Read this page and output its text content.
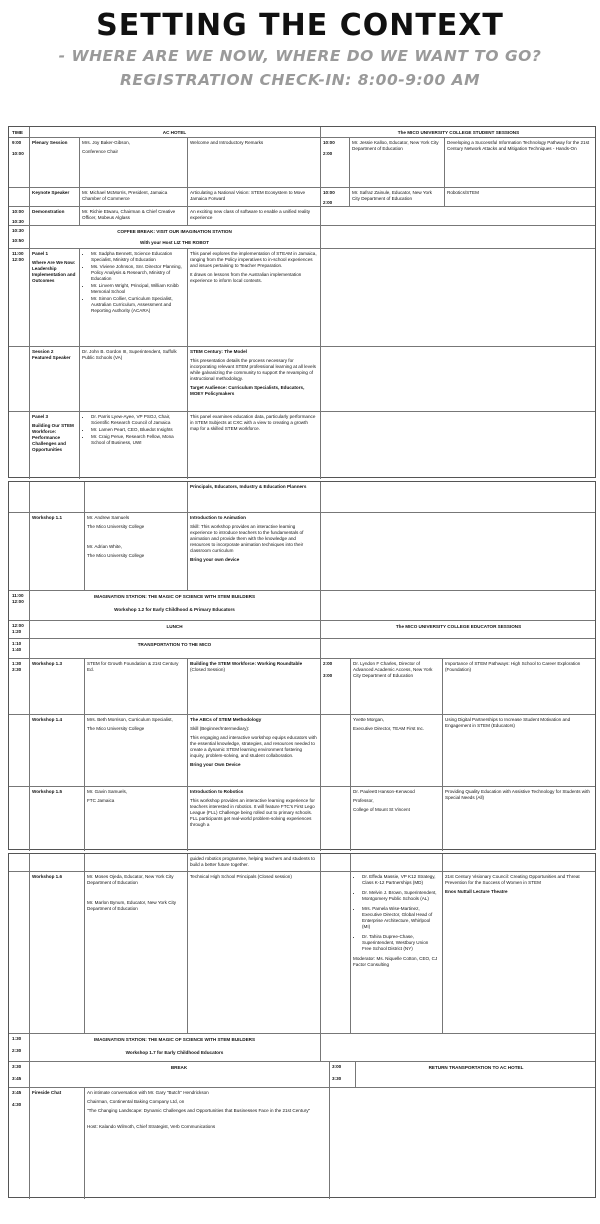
SETTING THE CONTEXT
- WHERE ARE WE NOW, WHERE DO WE WANT TO GO?
REGISTRATION CHECK-IN: 8:00-9:00 AM
TIME	AC HOTEL	The MICO UNIVERSITY COLLEGE STUDENT SESSIONS
9:00
10:00
Plenary Session	Mrs. Joy Baker-Gibson,
Conference Chair
Welcome and Introductory Remarks	10:00
2:00
Mr. Jessie Kalloo, Educator, New York City Department of Education
Developing a Successful Information Technology Pathway for the 21st Century Network Attacks and Mitigation Techniques - Hands-On
Keynote Speaker	Mr. Michael McMorris, President, Jamaica Chamber of Commerce
Articulating a National Vision: STEM Ecosystem to Move Jamaica Forward
10:00
2:00
Mr. Safraz Zainule, Educator, New York City Department of Education
Robotics/STEM
10:00
10:30
Demonstration	Mr. Richie Etwaru, Chairman & Chief Creative Officer, Mobeus Alglass
An exciting new class of software to enable a unified reality experience
10:30
10:50
COFFEE BREAK: VISIT OUR IMAGINATION STATION
With your Host LIZ THE ROBOT
11:00
12:00
Panel 1
Where Are We Now: Leadership Implementation and Outcomes
• Mr. Sadpha Bennett, Science Education Specialist, Ministry of Education
• Ms. Viviene Johnson, Snr. Director Planning, Policy Analysis & Research, Ministry of Education
• Mr. Linvern Wright, Principal, William Knibb Memorial School
• Mr. Simon Collier, Curriculum Specialist, Australian Curriculum, Assessment and Reporting Authority (ACARA)
This panel explores the implementation of STEAM in Jamaica, ranging from the Policy imperatives to in-school experiences and issues pertaining to Teacher Preparation.
It draws on lessons from the Australian implementation experience to inform local contexts.
Session 2
Featured Speaker
Dr. John B. Gordon III, Superintendent, Suffolk Public Schools (VA)
STEM Century: The Model
This presentation details the process necessary for incorporating relevant STEM professional learning at all levels while galvanizing the community to support the revamping of instructional methodology.
Target Audience: Curriculum Specialists, Educators, MOEY Policymakers
Panel 3
Building Our STEM Workforce: Performance Challenges and Opportunities
• Dr. Parris Lyew-Ayee, VP PSOJ, Chair, Scientific Research Council of Jamaica
• Mr. Lamen Peart, CEO, Bluedot Insights
• Mr. Craig Perue, Research Fellow, Mona School of Business, UWI
This panel examines education data, particularly performance in STEM Subjects at CXC with a view to creating a growth map for a skilled STEM workforce.
Principals, Educators, Industry & Education Planners
Workshop 1.1	Mr. Andrew Samuels
The Mico University College
Mr. Adrian White,
The Mico University College
Introduction to Animation
Skill: This workshop provides an interactive learning experience to introduce teachers to the fundamentals of animation and provide them with the knowledge and resources to incorporate animation techniques into their classroom curriculum
Bring your own device
11:00
12:00
IMAGINATION STATION: THE MAGIC OF SCIENCE WITH STEM BUILDERS
Workshop 1.2 for Early Childhood & Primary Educators
12:00
1:20
LUNCH	The MICO UNIVERSITY COLLEGE EDUCATOR SESSIONS
1:10
1:40
TRANSPORTATION TO THE MICO
1:30
3:30
Workshop 1.3	STEM for Growth Foundation & 21st Century Ed.
Building the STEM Workforce: Working Roundtable
(Closed Session)
2:00
3:00
Dr. Lyndon F Charles, Director of Advanced Academic Access, New York City Department of Education
Importance of STEM Pathways: High School to Career Exploration (Foundation)
Workshop 1.4	Mrs. Beth Morrison, Curriculum Specialist,
The Mico University College
The ABCs of STEM Methodology
Skill (Beginner/Intermediary):
This engaging and interactive workshop equips educators with the essential knowledge, strategies, and resources needed to create a dynamic STEM learning environment fostering inquiry, problem-solving, and student collaboration.
Bring your Own Device
Yvette Morgan,
Executive Director, TEAM First Inc.
Using Digital Partnerships to Increase Student Motivation and Engagement in STEM (Educators)
Workshop 1.5	Mr. Gavin Samuels,
FTC Jamaica
Introduction to Robotics
This workshop provides an interactive learning experience for teachers interested in robotics. It will feature FTC's First Lego League (FLL) Challenge being rolled out to primary schools. FLL participants get real-world problem-solving experiences through a
Dr. Pauleett Hanson-Kenwood
Professor,
College of Mount St Vincent
Providing Quality Education with Assistive Technology for Students with Special Needs (All)
guided robotics programme, helping teachers and students to build a better future together.
Workshop 1.6	Mr. Moses Ojeda, Educator, New York City Department of Education
Mr. Marlon Bynum, Educator, New York City Department of Education
Technical High School Principals (Closed session)
•	Dr. Effeda Massie, VP K12 Strategy, Class K-12 Partnerships (MD)
• Dr. Melvin J. Brown, Superintendent, Montgomery Public Schools (AL)
• Mrs. Pamela Wise-Martinez, Executive Director, Global Head of Enterprise Architecture, Whirlpool (MI)
• Dr. Tahira Dupree-Chase, Superintendent, Westbury Union Free School District (NY)
Moderator: Ms. Niquelle Cotton, CEO, CJ Factor Consulting
21st Century Visionary Council: Creating Opportunities and Threat Prevention for the Success of Women in STEM
Enos Nuttall Lecture Theatre
1:30
2:30
IMAGINATION STATION: THE MAGIC OF SCIENCE WITH STEM BUILDERS
Workshop 1.7 for Early Childhood Educators
3:30
3:45
BREAK	3:00
3:30
RETURN TRANSPORTATION TO AC HOTEL
3:45
4:30
Fireside Chat	An intimate conversation with Mr. Gary "Butch" Hendrickson
Chairman, Continental Baking Company Ltd, on
"The Changing Landscape: Dynamic Challenges and Opportunities that Businesses Face in the 21st Century"
Host: Kalando Wilmoth, Chief Strategist, Verb Communications
